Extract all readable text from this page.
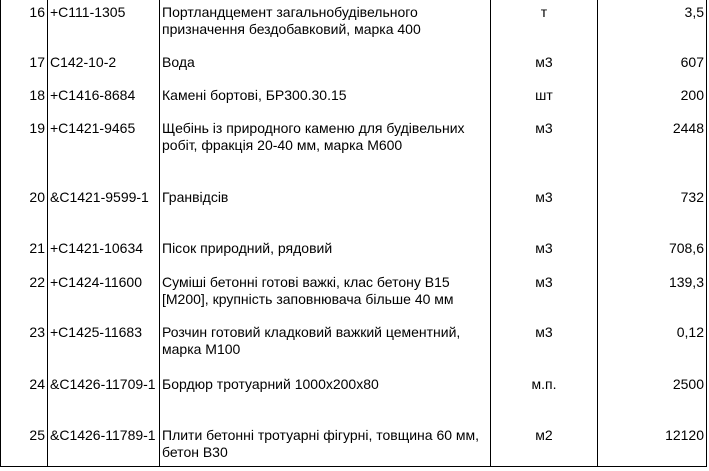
16	+С111-1305	Портландцемент загальнобудівельного призначення бездобавковий, марка 400	т	3,5
17	С142-10-2	Вода	м3	607
18	+С1416-8684	Камені бортові, БР300.30.15	шт	200
19	+С1421-9465	Щебінь із природного каменю для будівельних робіт, фракція 20-40 мм, марка М600	м3	2448
20	&С1421-9599-1	Гранвідсів	м3	732
21	+С1421-10634	Пісок природний, рядовий	м3	708,6
22	+С1424-11600	Суміші бетонні готові важкі, клас бетону В15 [М200], крупність заповнювача більше 40 мм	м3	139,3
23	+С1425-11683	Розчин готовий кладковий важкий цементний, марка М100	м3	0,12
24	&С1426-11709-1	Бордюр тротуарний 1000х200х80	м.п.	2500
25	&С1426-11789-1	Плити бетонні тротуарні фігурні, товщина 60 мм, бетон В30	м2	12120
